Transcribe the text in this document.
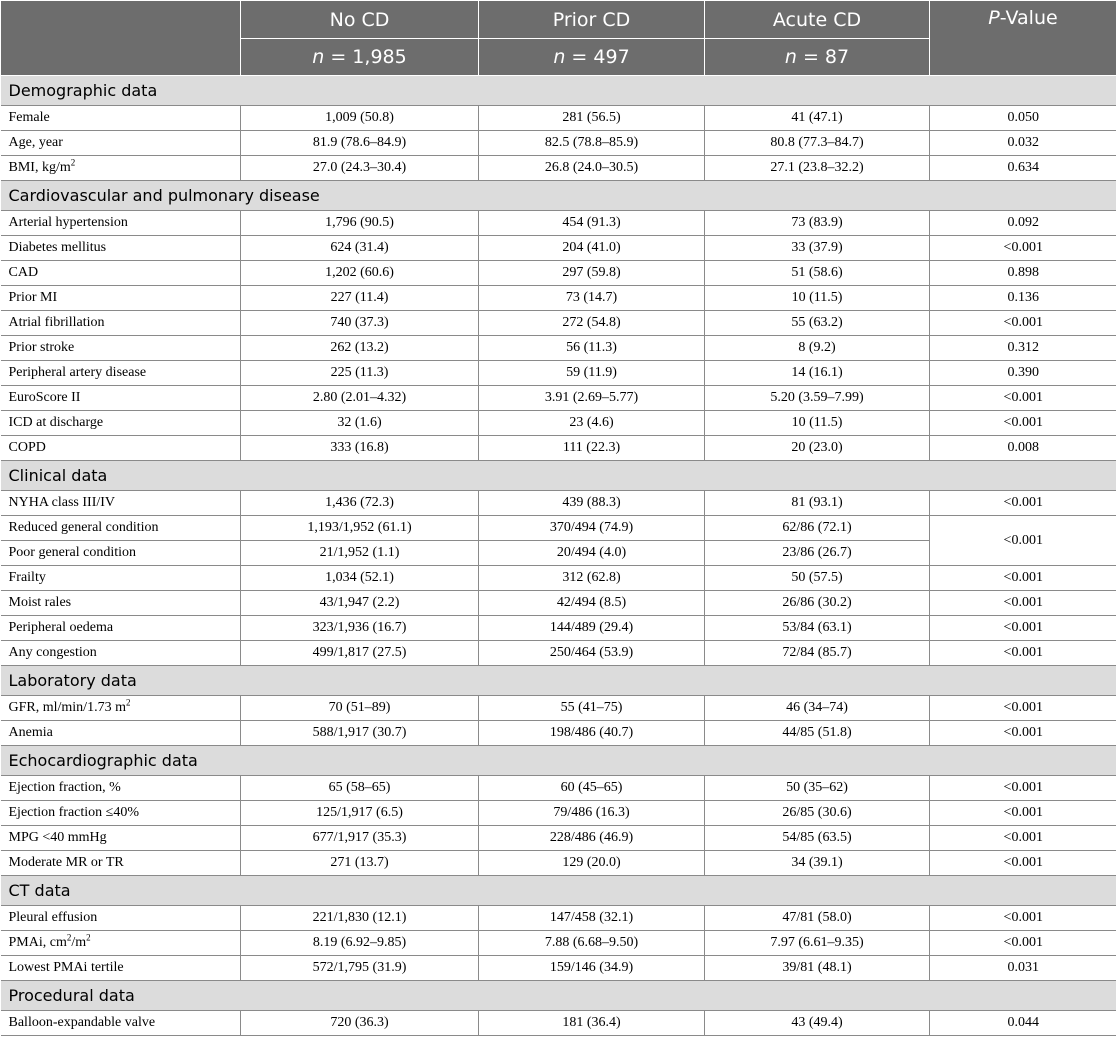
	No CD	Prior CD	Acute CD	P-Value
	n = 1,985	n = 497	n = 87	
Demographic data				
Female	1,009 (50.8)	281 (56.5)	41 (47.1)	0.050
Age, year	81.9 (78.6–84.9)	82.5 (78.8–85.9)	80.8 (77.3–84.7)	0.032
BMI, $kg/m^2$	27.0 (24.3–30.4)	26.8 (24.0–30.5)	27.1 (23.8–32.2)	0.634
Cardiovascular and pulmonary disease				
Arterial hypertension	1,796 (90.5)	454 (91.3)	73 (83.9)	0.092
Diabetes mellitus	624 (31.4)	204 (41.0)	33 (37.9)	<0.001
CAD	1,202 (60.6)	297 (59.8)	51 (58.6)	0.898
Prior MI	227 (11.4)	73 (14.7)	10 (11.5)	0.136
Atrial fibrillation	740 (37.3)	272 (54.8)	55 (63.2)	<0.001
Prior stroke	262 (13.2)	56 (11.3)	8 (9.2)	0.312
Peripheral artery disease	225 (11.3)	59 (11.9)	14 (16.1)	0.390
EuroScore II	2.80 (2.01–4.32)	3.91 (2.69–5.77)	5.20 (3.59–7.99)	<0.001
ICD at discharge	32 (1.6)	23 (4.6)	10 (11.5)	<0.001
COPD	333 (16.8)	111 (22.3)	20 (23.0)	0.008
Clinical data				
NYHA class III/IV	1,436 (72.3)	439 (88.3)	81 (93.1)	<0.001
Reduced general condition	1,193/1,952 (61.1)	370/494 (74.9)	62/86 (72.1)	<0.001
Poor general condition	21/1,952 (1.1)	20/494 (4.0)	23/86 (26.7)	
Frailty	1,034 (52.1)	312 (62.8)	50 (57.5)	<0.001
Moist rales	43/1,947 (2.2)	42/494 (8.5)	26/86 (30.2)	<0.001
Peripheral oedema	323/1,936 (16.7)	144/489 (29.4)	53/84 (63.1)	<0.001
Any congestion	499/1,817 (27.5)	250/464 (53.9)	72/84 (85.7)	<0.001
Laboratory data				
GFR, ml/min/1.73 $m^2$	70 (51–89)	55 (41–75)	46 (34–74)	<0.001
Anemia	588/1,917 (30.7)	198/486 (40.7)	44/85 (51.8)	<0.001
Echocardiographic data				
Ejection fraction, %	65 (58–65)	60 (45–65)	50 (35–62)	<0.001
Ejection fraction ≤40%	125/1,917 (6.5)	79/486 (16.3)	26/85 (30.6)	<0.001
MPG <40 mmHg	677/1,917 (35.3)	228/486 (46.9)	54/85 (63.5)	<0.001
Moderate MR or TR	271 (13.7)	129 (20.0)	34 (39.1)	<0.001
CT data				
Pleural effusion	221/1,830 (12.1)	147/458 (32.1)	47/81 (58.0)	<0.001
PMAi, $cm^2/m^2$	8.19 (6.92–9.85)	7.88 (6.68–9.50)	7.97 (6.61–9.35)	<0.001
Lowest PMAi tertile	572/1,795 (31.9)	159/146 (34.9)	39/81 (48.1)	0.031
Procedural data				
Balloon-expandable valve	720 (36.3)	181 (36.4)	43 (49.4)	0.044
